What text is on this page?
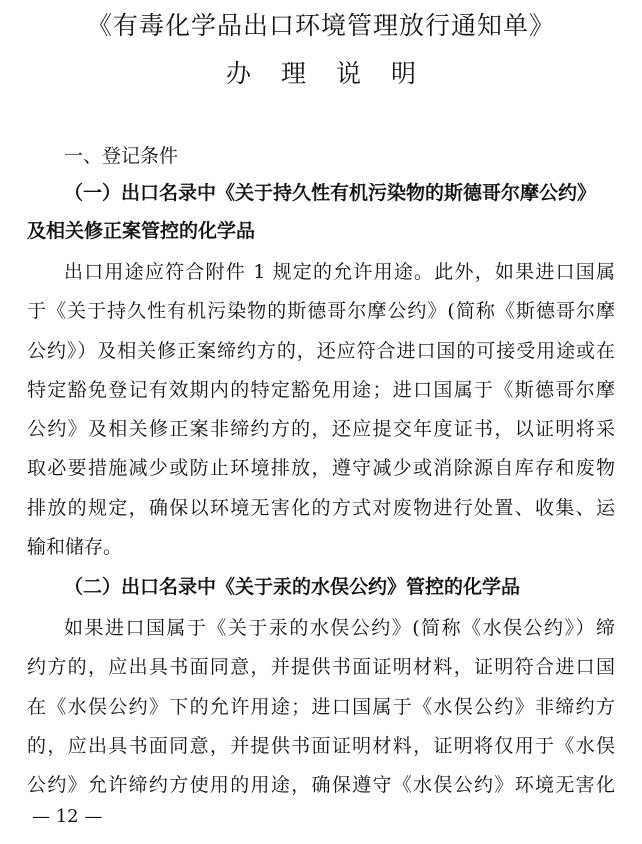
《有毒化学品出口环境管理放行通知单》
办理说明
一、登记条件
（一）出口名录中《关于持久性有机污染物的斯德哥尔摩公约》
及相关修正案管控的化学品
出口用途应符合附件 1 规定的允许用途。此外，如果进口国属
于《关于持久性有机污染物的斯德哥尔摩公约》(简称《斯德哥尔摩
公约》）及相关修正案缔约方的，还应符合进口国的可接受用途或在
特定豁免登记有效期内的特定豁免用途；进口国属于《斯德哥尔摩
公约》及相关修正案非缔约方的，还应提交年度证书，以证明将采
取必要措施减少或防止环境排放，遵守减少或消除源自库存和废物
排放的规定，确保以环境无害化的方式对废物进行处置、收集、运
输和储存。
（二）出口名录中《关于汞的水俣公约》管控的化学品
如果进口国属于《关于汞的水俣公约》(简称《水俣公约》）缔
约方的，应出具书面同意，并提供书面证明材料，证明符合进口国
在《水俣公约》下的允许用途；进口国属于《水俣公约》非缔约方
的，应出具书面同意，并提供书面证明材料，证明将仅用于《水俣
公约》允许缔约方使用的用途，确保遵守《水俣公约》环境无害化
— 12 —
